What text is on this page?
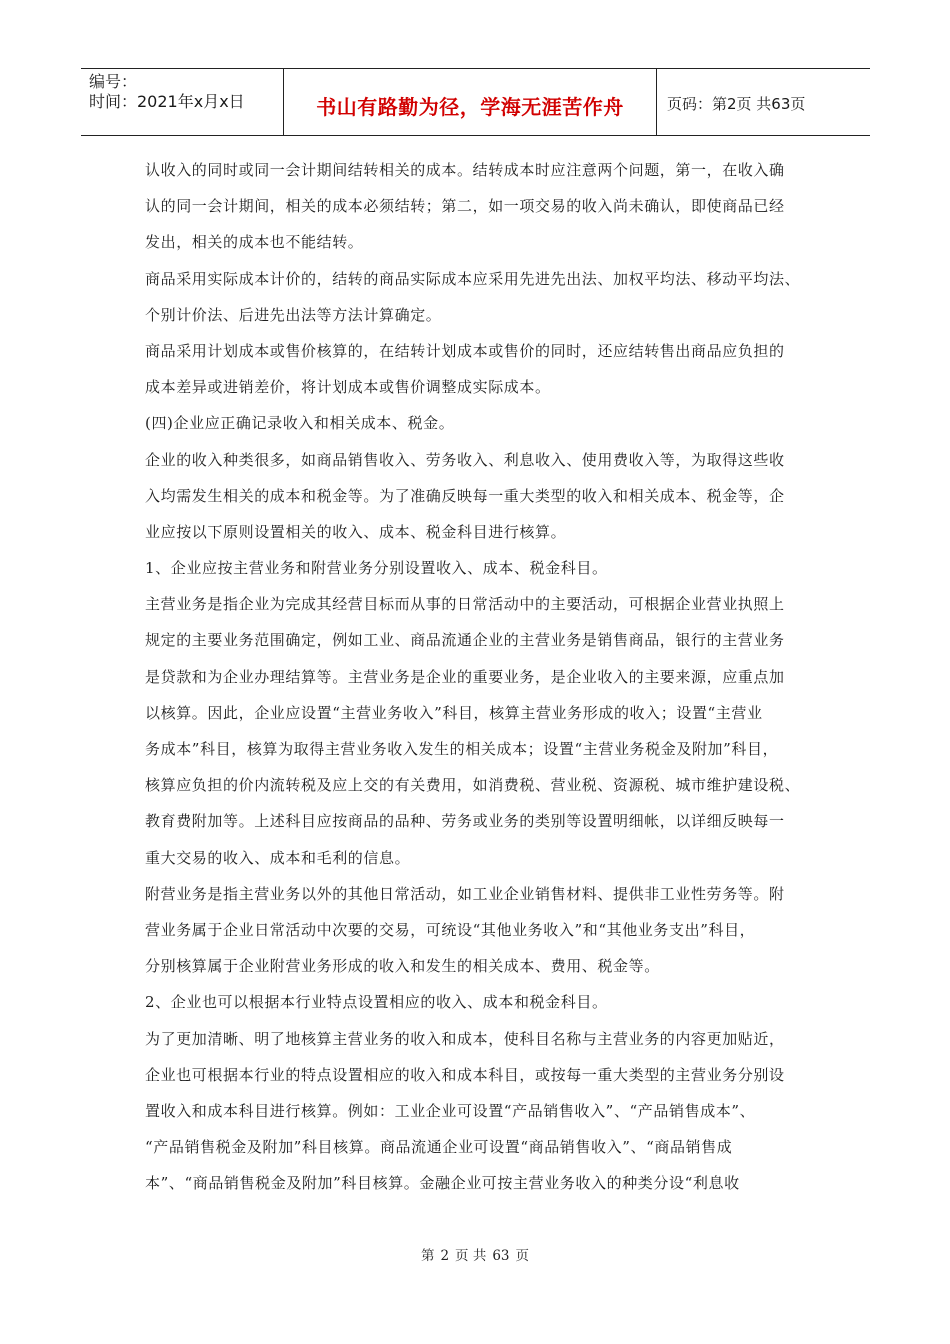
编号：
时间：2021年x月x日	书山有路勤为径，学海无涯苦作舟	页码：第2页 共63页
认收入的同时或同一会计期间结转相关的成本。结转成本时应注意两个问题，第一，在收入确
认的同一会计期间，相关的成本必须结转；第二，如一项交易的收入尚未确认，即使商品已经
发出，相关的成本也不能结转。
商品采用实际成本计价的，结转的商品实际成本应采用先进先出法、加权平均法、移动平均法、
个别计价法、后进先出法等方法计算确定。
商品采用计划成本或售价核算的，在结转计划成本或售价的同时，还应结转售出商品应负担的
成本差异或进销差价，将计划成本或售价调整成实际成本。
(四)企业应正确记录收入和相关成本、税金。
企业的收入种类很多，如商品销售收入、劳务收入、利息收入、使用费收入等，为取得这些收
入均需发生相关的成本和税金等。为了准确反映每一重大类型的收入和相关成本、税金等，企
业应按以下原则设置相关的收入、成本、税金科目进行核算。
1、企业应按主营业务和附营业务分别设置收入、成本、税金科目。
主营业务是指企业为完成其经营目标而从事的日常活动中的主要活动，可根据企业营业执照上
规定的主要业务范围确定，例如工业、商品流通企业的主营业务是销售商品，银行的主营业务
是贷款和为企业办理结算等。主营业务是企业的重要业务，是企业收入的主要来源，应重点加
以核算。因此，企业应设置“主营业务收入”科目，核算主营业务形成的收入；设置“主营业
务成本”科目，核算为取得主营业务收入发生的相关成本；设置“主营业务税金及附加”科目，
核算应负担的价内流转税及应上交的有关费用，如消费税、营业税、资源税、城市维护建设税、
教育费附加等。上述科目应按商品的品种、劳务或业务的类别等设置明细帐，以详细反映每一
重大交易的收入、成本和毛利的信息。
附营业务是指主营业务以外的其他日常活动，如工业企业销售材料、提供非工业性劳务等。附
营业务属于企业日常活动中次要的交易，可统设“其他业务收入”和“其他业务支出”科目，
分别核算属于企业附营业务形成的收入和发生的相关成本、费用、税金等。
2、企业也可以根据本行业特点设置相应的收入、成本和税金科目。
为了更加清晰、明了地核算主营业务的收入和成本，使科目名称与主营业务的内容更加贴近，
企业也可根据本行业的特点设置相应的收入和成本科目，或按每一重大类型的主营业务分别设
置收入和成本科目进行核算。例如：工业企业可设置“产品销售收入”、“产品销售成本”、
“产品销售税金及附加”科目核算。商品流通企业可设置“商品销售收入”、“商品销售成
本”、“商品销售税金及附加”科目核算。金融企业可按主营业务收入的种类分设“利息收
第 2 页 共 63 页
